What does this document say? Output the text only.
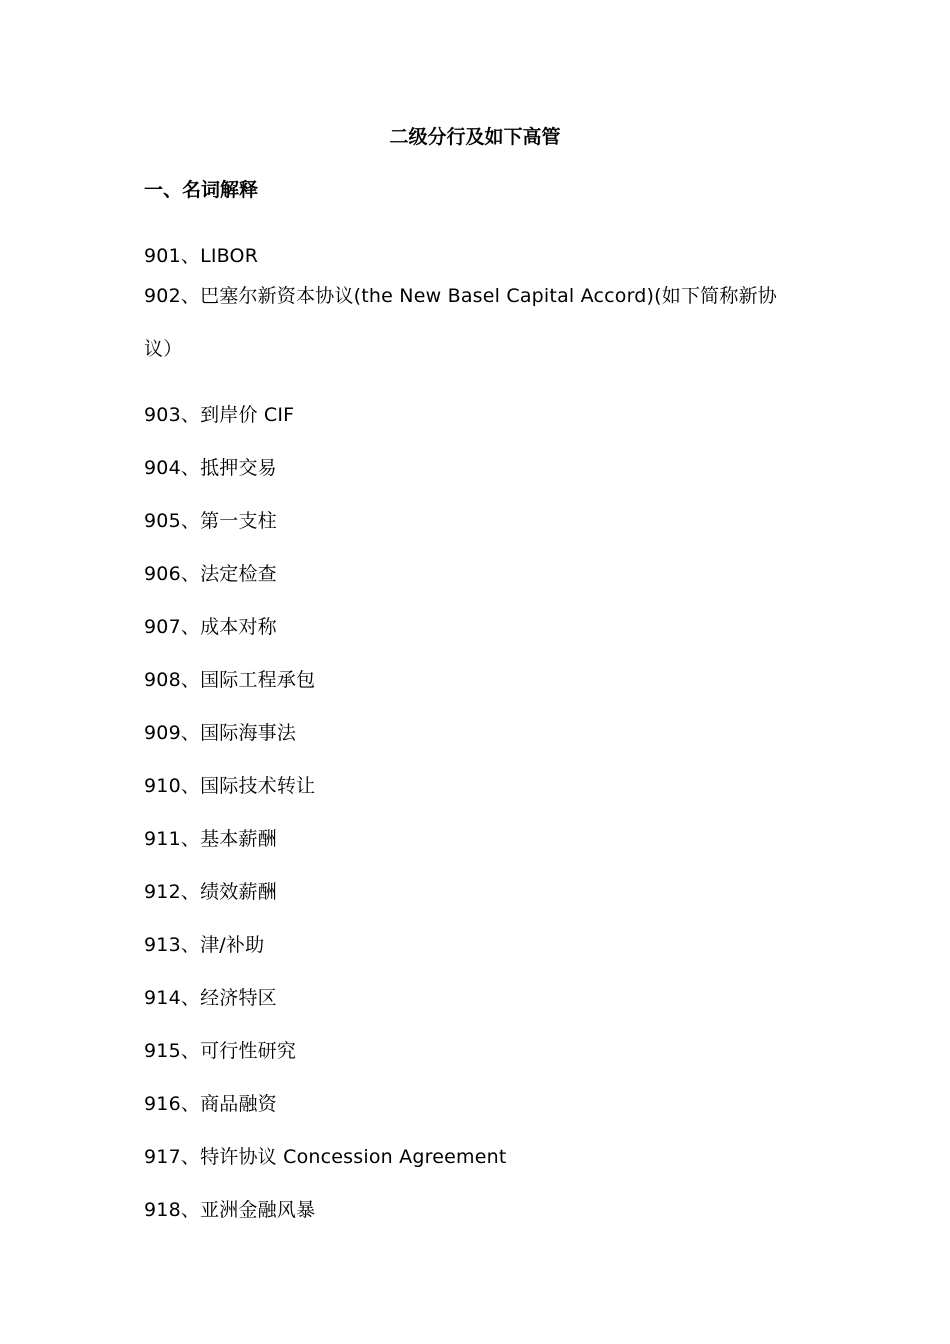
二级分行及如下高管
一、名词解释
901、LIBOR
902、巴塞尔新资本协议(the New Basel Capital Accord)(如下简称新协
议）
903、到岸价 CIF
904、抵押交易
905、第一支柱
906、法定检查
907、成本对称
908、国际工程承包
909、国际海事法
910、国际技术转让
911、基本薪酬
912、绩效薪酬
913、津/补助
914、经济特区
915、可行性研究
916、商品融资
917、特许协议 Concession Agreement
918、亚洲金融风暴
